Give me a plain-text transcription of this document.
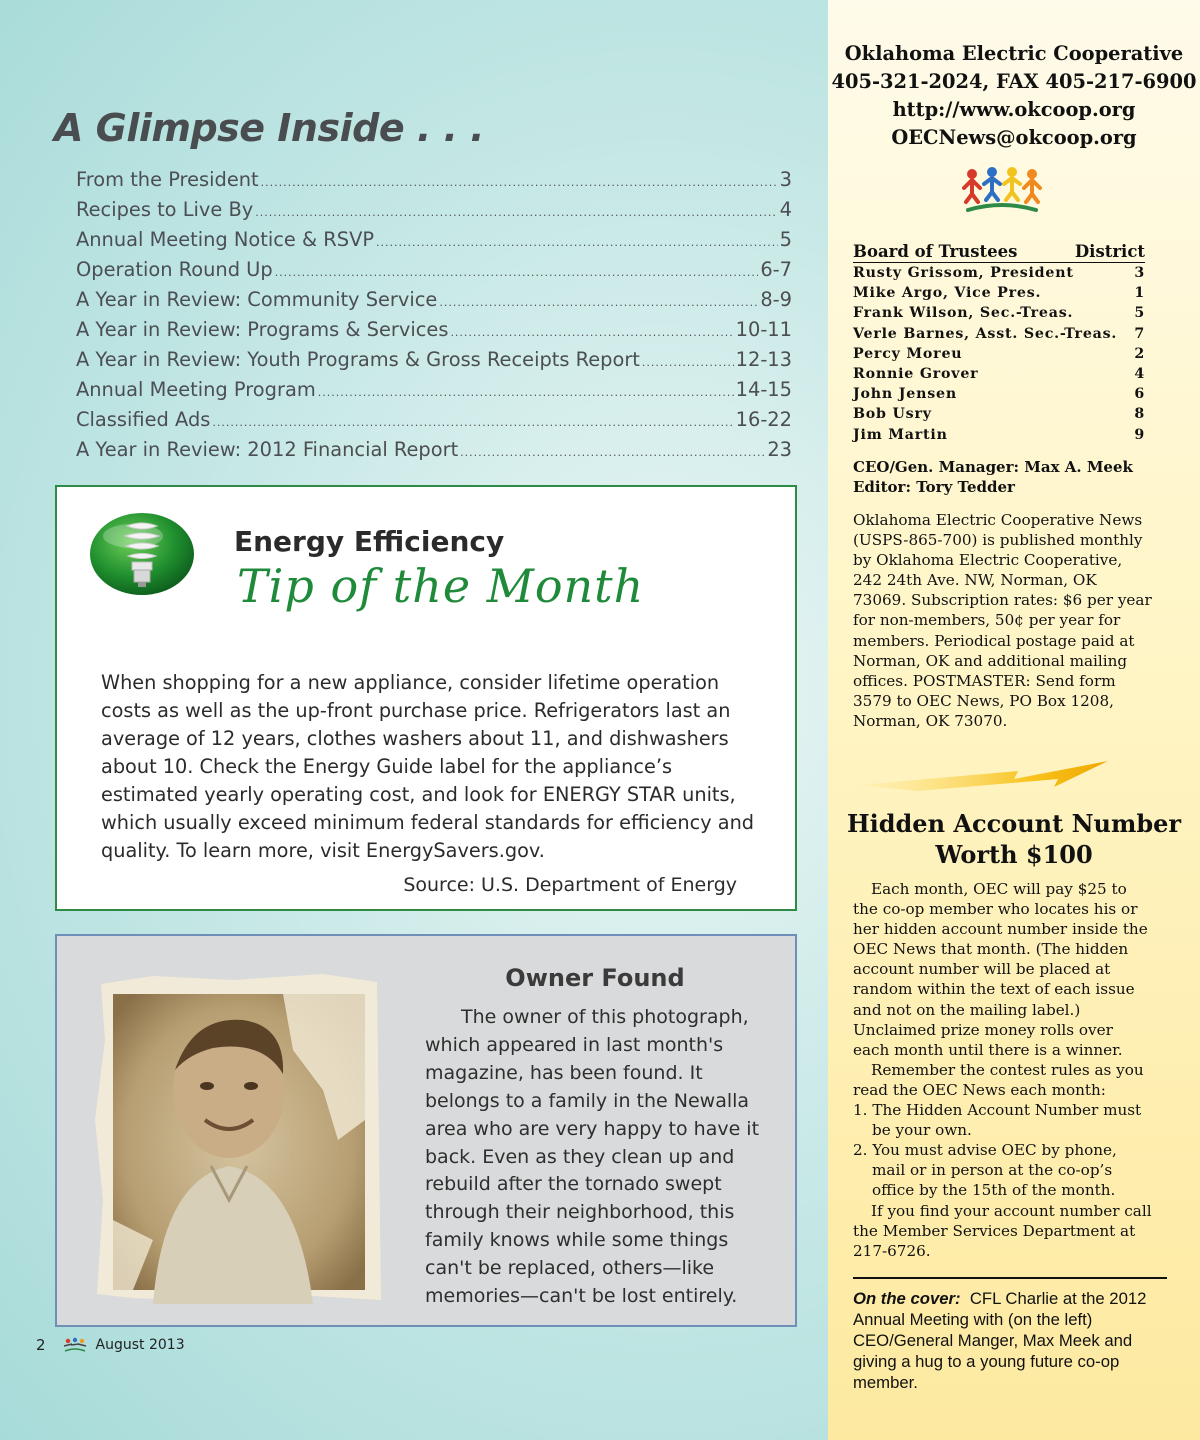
A Glimpse Inside . . .
From the President .....	3
Recipes to Live By .....	4
Annual Meeting Notice & RSVP .....	5
Operation Round Up .....	6-7
A Year in Review: Community Service .....	8-9
A Year in Review: Programs & Services .....	10-11
A Year in Review: Youth Programs & Gross Receipts Report .....	12-13
Annual Meeting Program .....	14-15
Classified Ads .....	16-22
A Year in Review: 2012 Financial Report .....	23
Energy Efficiency
Tip of the Month

When shopping for a new appliance, consider lifetime operation costs as well as the up-front purchase price. Refrigerators last an average of 12 years, clothes washers about 11, and dishwashers about 10. Check the Energy Guide label for the appliance’s estimated yearly operating cost, and look for ENERGY STAR units, which usually exceed minimum federal standards for efficiency and quality. To learn more, visit EnergySavers.gov.

Source: U.S. Department of Energy
Owner Found

The owner of this photograph, which appeared in last month's magazine, has been found. It belongs to a family in the Newalla area who are very happy to have it back. Even as they clean up and rebuild after the tornado swept through their neighborhood, this family knows while some things can't be replaced, others—like memories—can't be lost entirely.

2	August 2013
Oklahoma Electric Cooperative
405-321-2024, FAX 405-217-6900
http://www.okcoop.org
OECNews@okcoop.org
Board of Trustees	District
Rusty Grissom, President	3
Mike Argo, Vice Pres.	1
Frank Wilson, Sec.-Treas.	5
Verle Barnes, Asst. Sec.-Treas.	7
Percy Moreu	2
Ronnie Grover	4
John Jensen	6
Bob Usry	8
Jim Martin	9
CEO/Gen. Manager: Max A. Meek
Editor: Tory Tedder

Oklahoma Electric Cooperative News (USPS-865-700) is published monthly by Oklahoma Electric Cooperative, 242 24th Ave. NW, Norman, OK 73069. Subscription rates: $6 per year for non-members, 50¢ per year for members. Periodical postage paid at Norman, OK and additional mailing offices. POSTMASTER: Send form 3579 to OEC News, PO Box 1208, Norman, OK 73070.

Hidden Account Number
Worth $100

Each month, OEC will pay $25 to the co-op member who locates his or her hidden account number inside the OEC News that month. (The hidden account number will be placed at random within the text of each issue and not on the mailing label.) Unclaimed prize money rolls over each month until there is a winner.

Remember the contest rules as you read the OEC News each month:

1. The Hidden Account Number must be your own.

2. You must advise OEC by phone, mail or in person at the co-op’s office by the 15th of the month.

If you find your account number call the Member Services Department at 217-6726.

On the cover: CFL Charlie at the 2012 Annual Meeting with (on the left) CEO/General Manger, Max Meek and giving a hug to a young future co-op member.
